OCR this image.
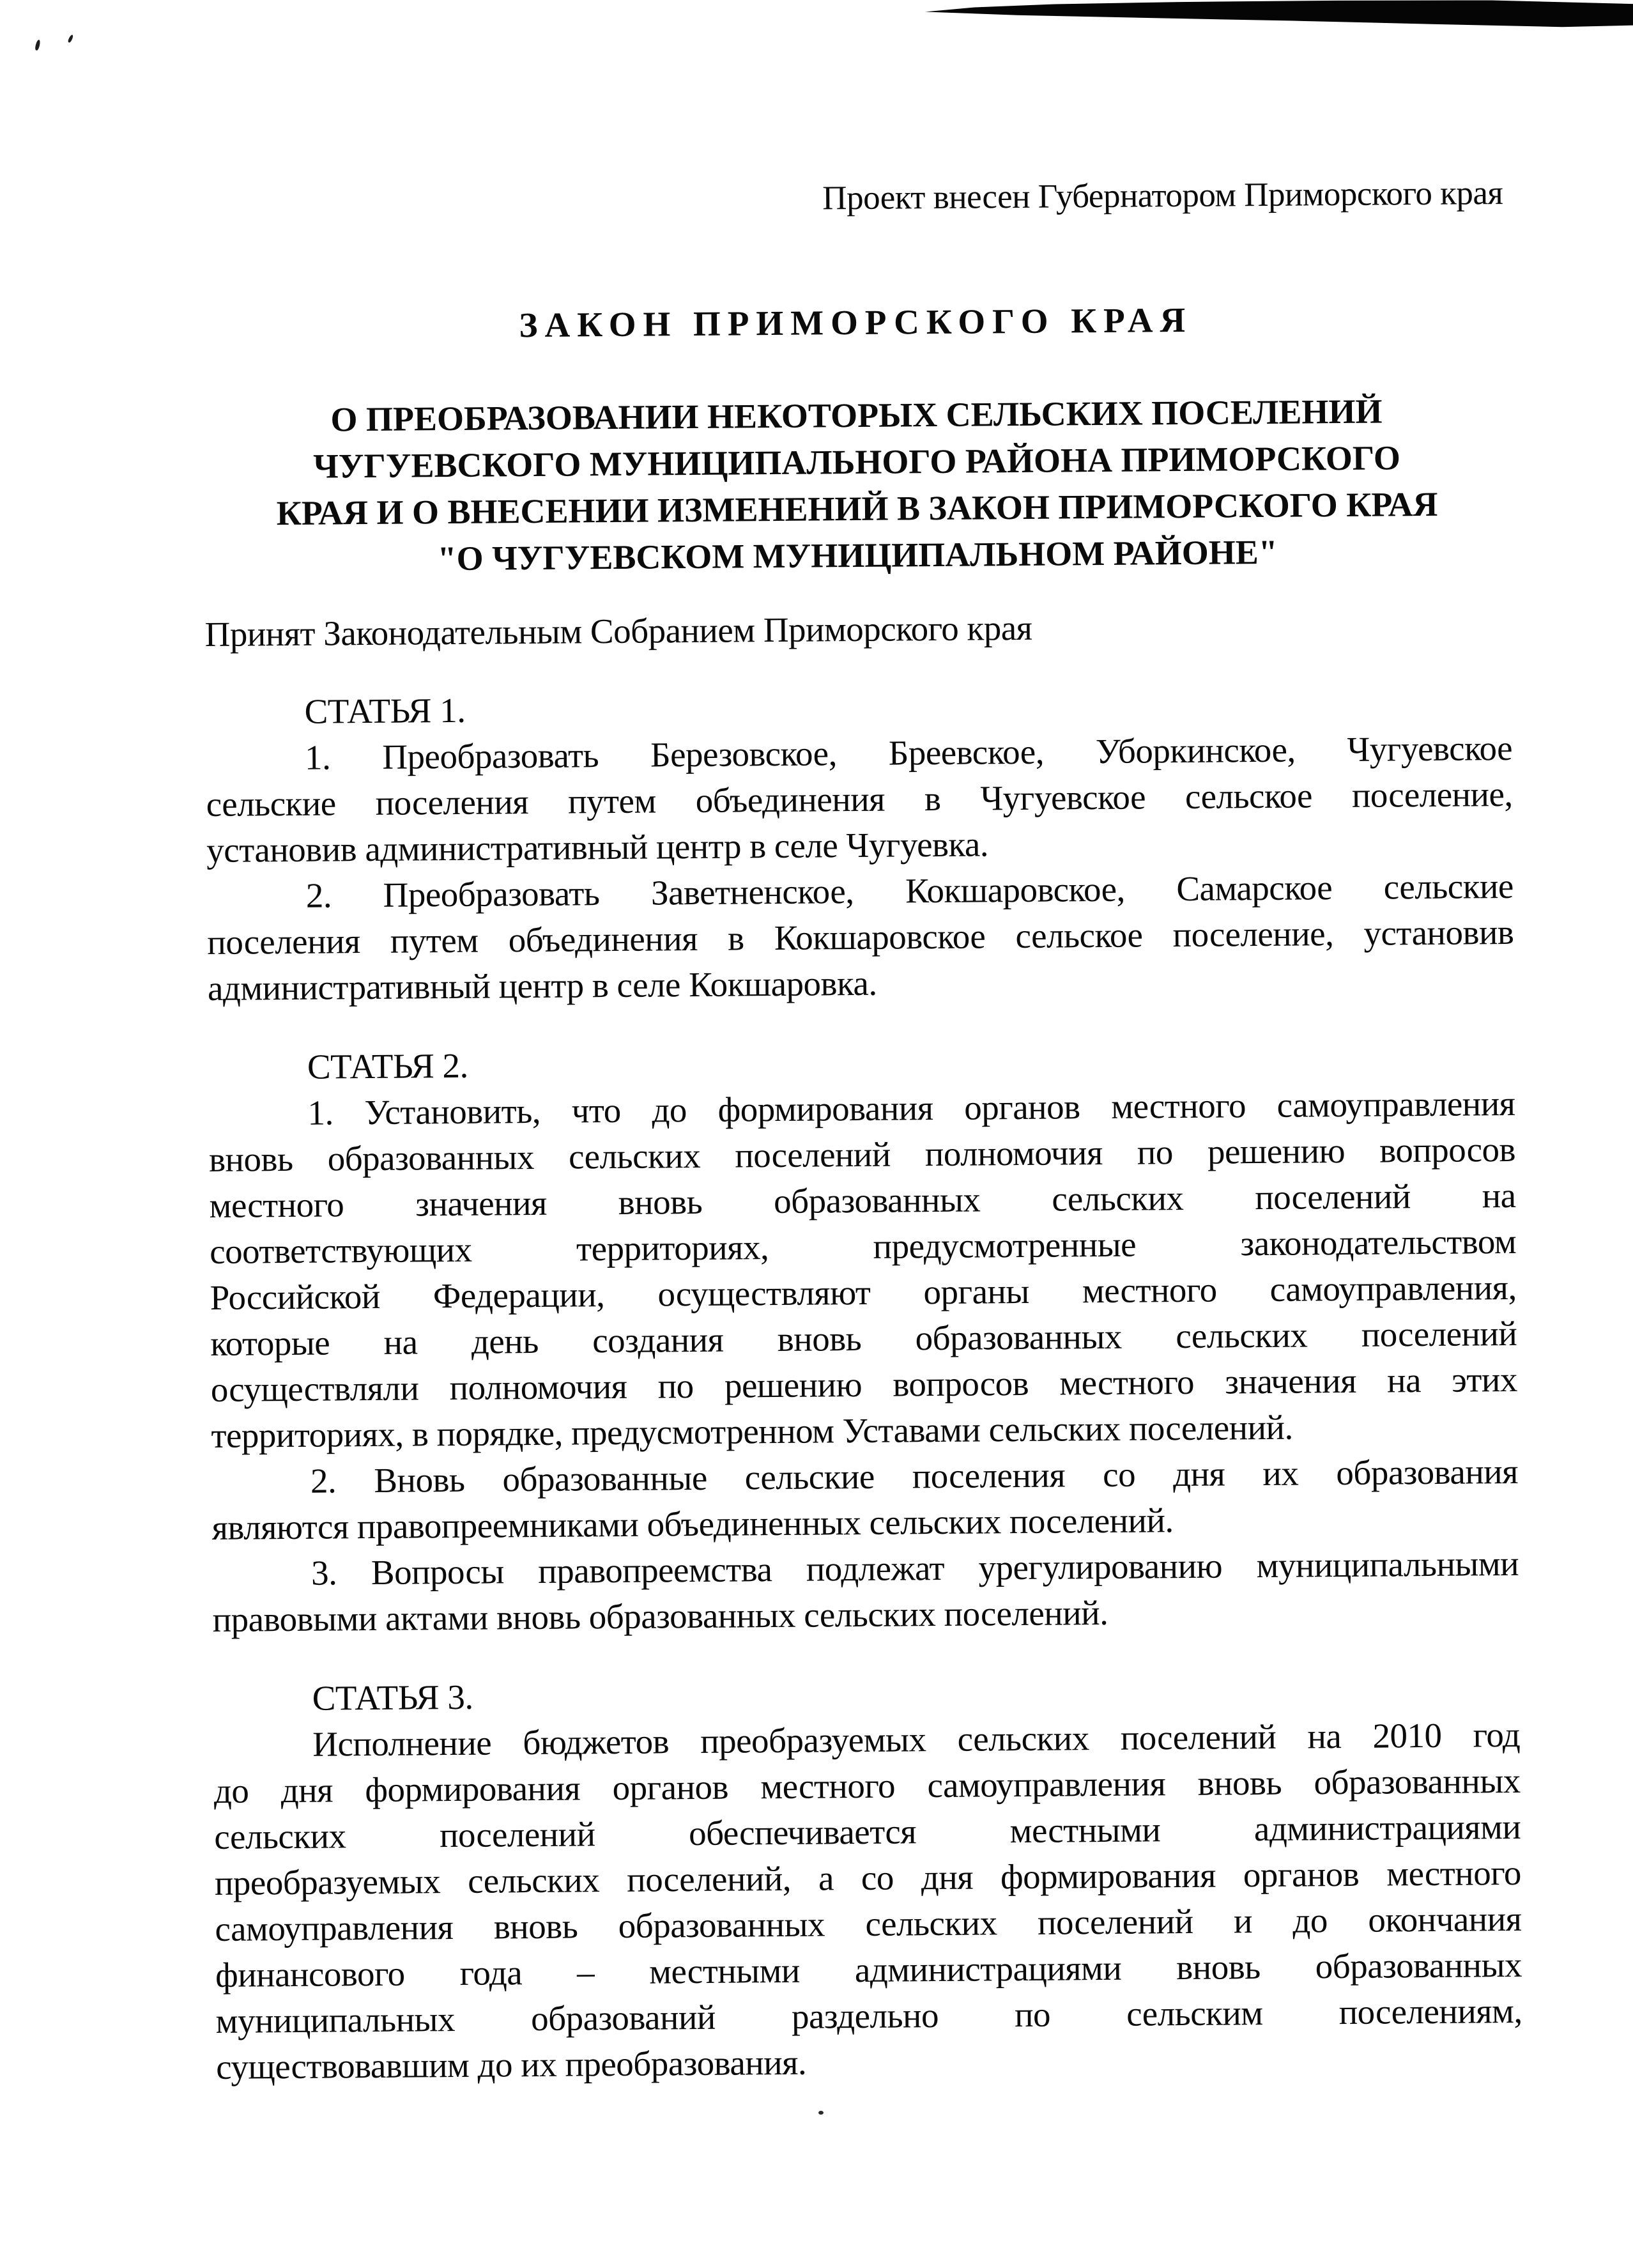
Проект внесен Губернатором Приморского края
ЗАКОН ПРИМОРСКОГО КРАЯ
О ПРЕОБРАЗОВАНИИ НЕКОТОРЫХ СЕЛЬСКИХ ПОСЕЛЕНИЙ
ЧУГУЕВСКОГО МУНИЦИПАЛЬНОГО РАЙОНА ПРИМОРСКОГО
КРАЯ И О ВНЕСЕНИИ ИЗМЕНЕНИЙ В ЗАКОН ПРИМОРСКОГО КРАЯ
"О ЧУГУЕВСКОМ МУНИЦИПАЛЬНОМ РАЙОНЕ"
Принят Законодательным Собранием Приморского края
СТАТЬЯ 1.
1. Преобразовать Березовское, Бреевское, Уборкинское, Чугуевское
сельские поселения путем объединения в Чугуевское сельское поселение,
установив административный центр в селе Чугуевка.
2. Преобразовать Заветненское, Кокшаровское, Самарское сельские
поселения путем объединения в Кокшаровское сельское поселение, установив
административный центр в селе Кокшаровка.
СТАТЬЯ 2.
1. Установить, что до формирования органов местного самоуправления
вновь образованных сельских поселений полномочия по решению вопросов
местного значения вновь образованных сельских поселений на
соответствующих территориях, предусмотренные законодательством
Российской Федерации, осуществляют органы местного самоуправления,
которые на день создания вновь образованных сельских поселений
осуществляли полномочия по решению вопросов местного значения на этих
территориях, в порядке, предусмотренном Уставами сельских поселений.
2. Вновь образованные сельские поселения со дня их образования
являются правопреемниками объединенных сельских поселений.
3. Вопросы правопреемства подлежат урегулированию муниципальными
правовыми актами вновь образованных сельских поселений.
СТАТЬЯ 3.
Исполнение бюджетов преобразуемых сельских поселений на 2010 год
до дня формирования органов местного самоуправления вновь образованных
сельских поселений обеспечивается местными администрациями
преобразуемых сельских поселений, а со дня формирования органов местного
самоуправления вновь образованных сельских поселений и до окончания
финансового года – местными администрациями вновь образованных
муниципальных образований раздельно по сельским поселениям,
существовавшим до их преобразования.
